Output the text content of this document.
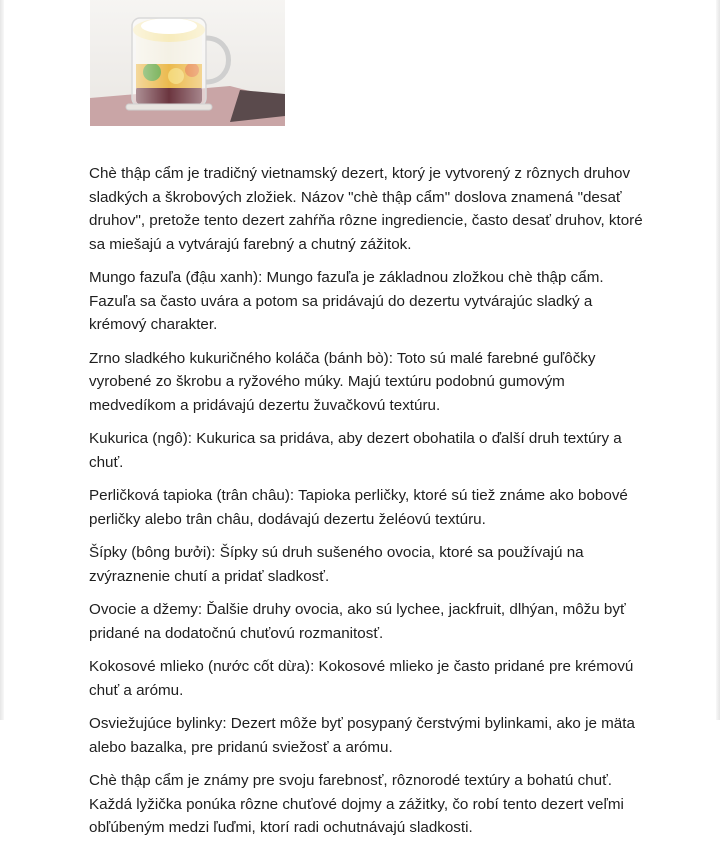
Chè thập cẩm je tradičný vietnamský dezert, ktorý je vytvorený z rôznych druhov sladkých a škrobových zložiek. Názov "chè thập cẩm" doslova znamená "desať druhov", pretože tento dezert zahŕňa rôzne ingrediencie, často desať druhov, ktoré sa miešajú a vytvárajú farebný a chutný zážitok.

Mungo fazuľa (đậu xanh): Mungo fazuľa je základnou zložkou chè thập cẩm. Fazuľa sa často uvára a potom sa pridávajú do dezertu vytvárajúc sladký a krémový charakter.

Zrno sladkého kukuričného koláča (bánh bò): Toto sú malé farebné guľôčky vyrobené zo škrobu a ryžového múky. Majú textúru podobnú gumovým medvedíkom a pridávajú dezertu žuvačkovú textúru.

Kukurica (ngô): Kukurica sa pridáva, aby dezert obohatila o ďalší druh textúry a chuť.

Perličková tapioka (trân châu): Tapioka perličky, ktoré sú tiež známe ako bobové perličky alebo trân châu, dodávajú dezertu želéovú textúru.

Šípky (bông bưởi): Šípky sú druh sušeného ovocia, ktoré sa používajú na zvýraznenie chutí a pridať sladkosť.

Ovocie a džemy: Ďalšie druhy ovocia, ako sú lychee, jackfruit, dlhýan, môžu byť pridané na dodatočnú chuťovú rozmanitosť.

Kokosové mlieko (nước cốt dừa): Kokosové mlieko je často pridané pre krémovú chuť a arómu.

Osviežujúce bylinky: Dezert môže byť posypaný čerstvými bylinkami, ako je mäta alebo bazalka, pre pridanú sviežosť a arómu.

Chè thập cẩm je známy pre svoju farebnosť, rôznorodé textúry a bohatú chuť. Každá lyžička ponúka rôzne chuťové dojmy a zážitky, čo robí tento dezert veľmi obľúbeným medzi ľuďmi, ktorí radi ochutnávajú sladkosti.
